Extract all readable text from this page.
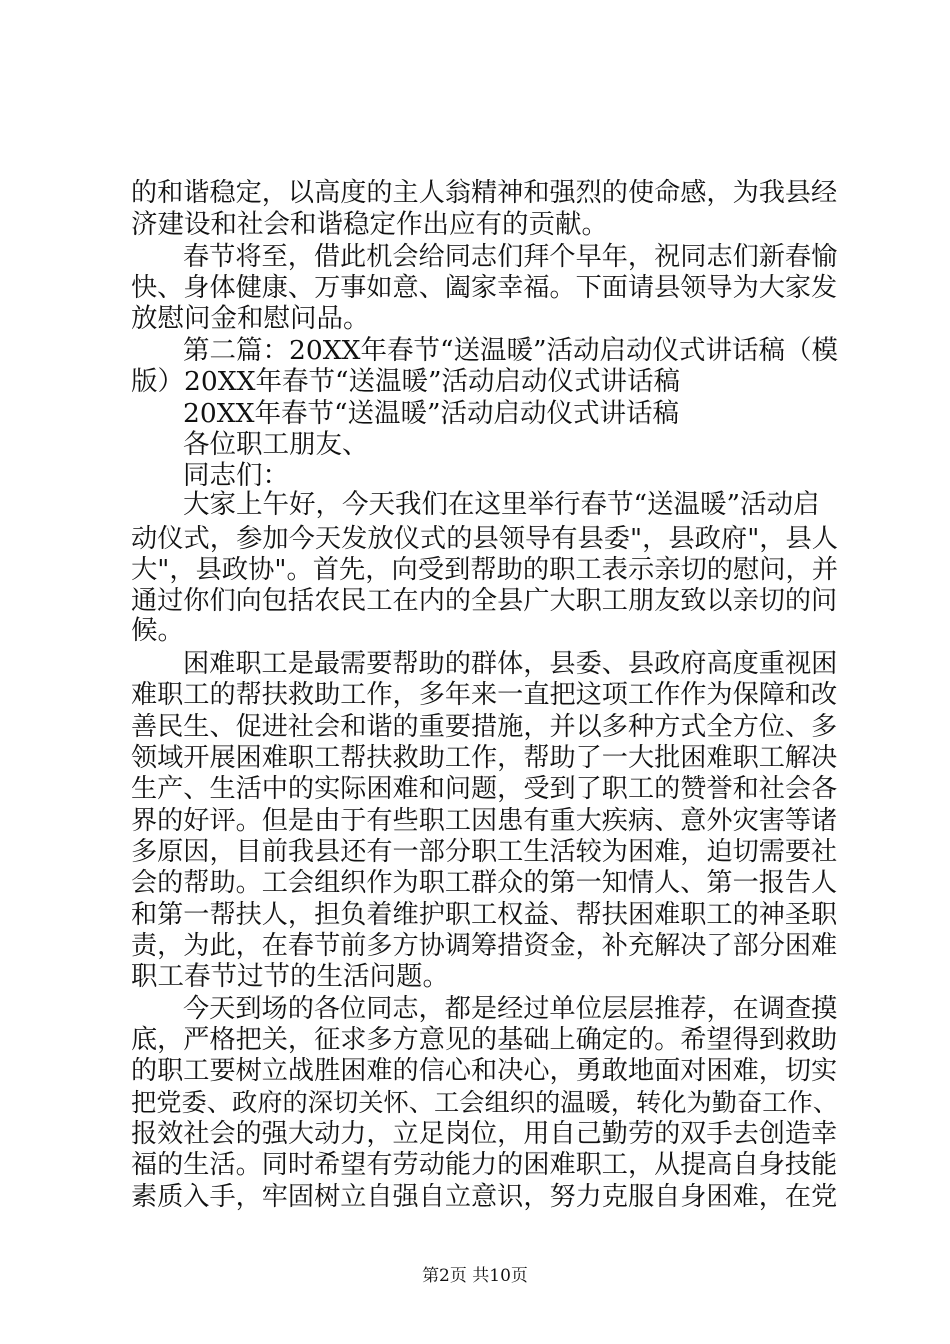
的和谐稳定，以高度的主人翁精神和强烈的使命感，为我县经
济建设和社会和谐稳定作出应有的贡献。
春节将至，借此机会给同志们拜个早年，祝同志们新春愉
快、身体健康、万事如意、阖家幸福。下面请县领导为大家发
放慰问金和慰问品。
第二篇：20XX年春节“送温暖”活动启动仪式讲话稿（模
版）20XX年春节“送温暖”活动启动仪式讲话稿
20XX年春节“送温暖”活动启动仪式讲话稿
各位职工朋友、
同志们：
大家上午好，今天我们在这里举行春节“送温暖”活动启
动仪式，参加今天发放仪式的县领导有县委"，县政府"，县人
大"，县政协"。首先，向受到帮助的职工表示亲切的慰问，并
通过你们向包括农民工在内的全县广大职工朋友致以亲切的问
候。
困难职工是最需要帮助的群体，县委、县政府高度重视困
难职工的帮扶救助工作，多年来一直把这项工作作为保障和改
善民生、促进社会和谐的重要措施，并以多种方式全方位、多
领域开展困难职工帮扶救助工作，帮助了一大批困难职工解决
生产、生活中的实际困难和问题，受到了职工的赞誉和社会各
界的好评。但是由于有些职工因患有重大疾病、意外灾害等诸
多原因，目前我县还有一部分职工生活较为困难，迫切需要社
会的帮助。工会组织作为职工群众的第一知情人、第一报告人
和第一帮扶人，担负着维护职工权益、帮扶困难职工的神圣职
责，为此，在春节前多方协调筹措资金，补充解决了部分困难
职工春节过节的生活问题。
今天到场的各位同志，都是经过单位层层推荐，在调查摸
底，严格把关，征求多方意见的基础上确定的。希望得到救助
的职工要树立战胜困难的信心和决心，勇敢地面对困难，切实
把党委、政府的深切关怀、工会组织的温暖，转化为勤奋工作、
报效社会的强大动力，立足岗位，用自己勤劳的双手去创造幸
福的生活。同时希望有劳动能力的困难职工，从提高自身技能
素质入手，牢固树立自强自立意识，努力克服自身困难，在党
第2页 共10页
